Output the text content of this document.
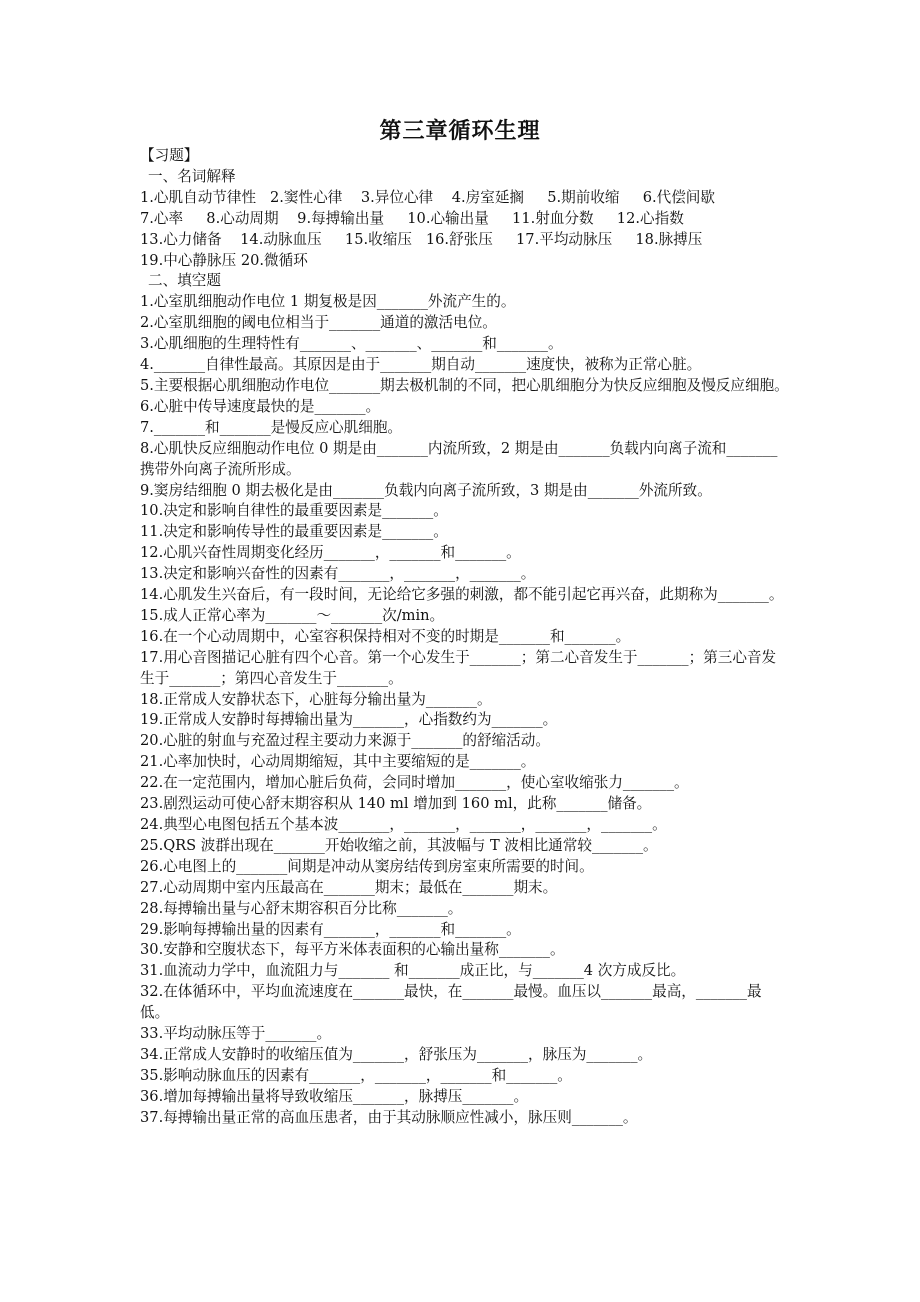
第三章循环生理
【习题】
一、名词解释
1.心肌自动节律性   2.窦性心律    3.异位心律    4.房室延搁     5.期前收缩     6.代偿间歇
7.心率     8.心动周期    9.每搏输出量     10.心输出量     11.射血分数     12.心指数
13.心力储备    14.动脉血压     15.收缩压   16.舒张压     17.平均动脉压     18.脉搏压
19.中心静脉压 20.微循环
二、填空题
1.心室肌细胞动作电位 1 期复极是因_______外流产生的。
2.心室肌细胞的阈电位相当于_______通道的激活电位。
3.心肌细胞的生理特性有_______、_______、_______和_______。
4._______自律性最高。其原因是由于_______期自动_______速度快，被称为正常心脏。
5.主要根据心肌细胞动作电位_______期去极机制的不同，把心肌细胞分为快反应细胞及慢反应细胞。
6.心脏中传导速度最快的是_______。
7._______和_______是慢反应心肌细胞。
8.心肌快反应细胞动作电位 0 期是由_______内流所致，2 期是由_______负载内向离子流和_______携带外向离子流所形成。
9.窦房结细胞 0 期去极化是由_______负载内向离子流所致，3 期是由_______外流所致。
10.决定和影响自律性的最重要因素是_______。
11.决定和影响传导性的最重要因素是_______。
12.心肌兴奋性周期变化经历_______，_______和_______。
13.决定和影响兴奋性的因素有_______，_______，_______。
14.心肌发生兴奋后，有一段时间，无论给它多强的刺激，都不能引起它再兴奋，此期称为_______。
15.成人正常心率为_______～_______次/min。
16.在一个心动周期中，心室容积保持相对不变的时期是_______和_______。
17.用心音图描记心脏有四个心音。第一个心发生于_______；第二心音发生于_______；第三心音发生于_______；第四心音发生于_______。
18.正常成人安静状态下，心脏每分输出量为_______。
19.正常成人安静时每搏输出量为_______，心指数约为_______。
20.心脏的射血与充盈过程主要动力来源于_______的舒缩活动。
21.心率加快时，心动周期缩短，其中主要缩短的是_______。
22.在一定范围内，增加心脏后负荷，会同时增加_______，使心室收缩张力_______。
23.剧烈运动可使心舒末期容积从 140 ml 增加到 160 ml，此称_______储备。
24.典型心电图包括五个基本波_______，_______，_______，_______，_______。
25.QRS 波群出现在_______开始收缩之前，其波幅与 T 波相比通常较_______。
26.心电图上的_______间期是冲动从窦房结传到房室束所需要的时间。
27.心动周期中室内压最高在_______期末；最低在_______期末。
28.每搏输出量与心舒末期容积百分比称_______。
29.影响每搏输出量的因素有_______，_______和_______。
30.安静和空腹状态下，每平方米体表面积的心输出量称_______。
31.血流动力学中，血流阻力与_______ 和_______成正比，与_______4 次方成反比。
32.在体循环中，平均血流速度在_______最快，在_______最慢。血压以_______最高，_______最低。
33.平均动脉压等于_______。
34.正常成人安静时的收缩压值为_______，舒张压为_______，脉压为_______。
35.影响动脉血压的因素有_______，_______，_______和_______。
36.增加每搏输出量将导致收缩压_______，脉搏压_______。
37.每搏输出量正常的高血压患者，由于其动脉顺应性减小，脉压则_______。
